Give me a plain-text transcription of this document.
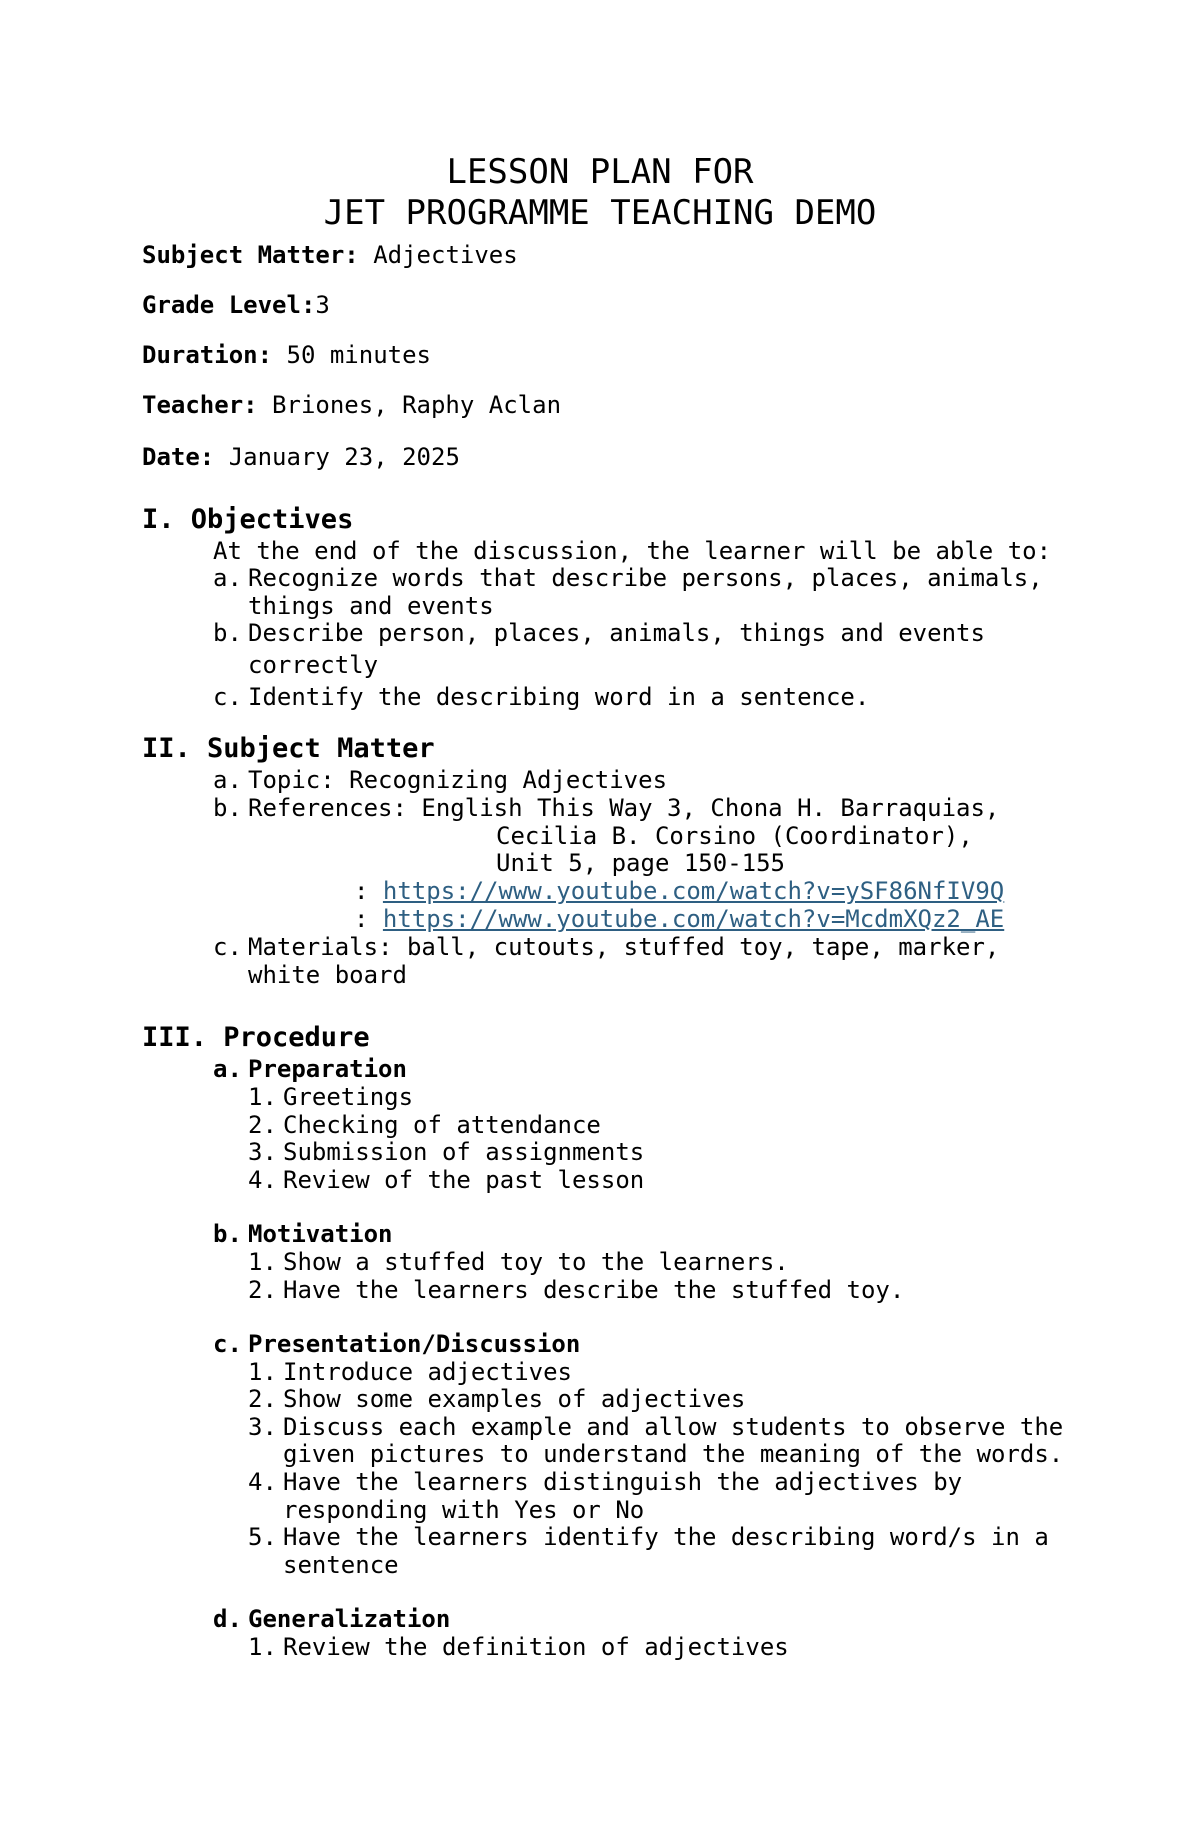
LESSON PLAN FOR
JET PROGRAMME TEACHING DEMO
Subject Matter: Adjectives
Grade Level:3
Duration: 50 minutes
Teacher: Briones, Raphy Aclan
Date: January 23, 2025
I. Objectives
At the end of the discussion, the learner will be able to:
a. Recognize words that describe persons, places, animals,
things and events
b. Describe person, places, animals, things and events
correctly
c. Identify the describing word in a sentence.
II. Subject Matter
a. Topic: Recognizing Adjectives
b. References: English This Way 3, Chona H. Barraquias,
Cecilia B. Corsino (Coordinator),
Unit 5, page 150-155
: https://www.youtube.com/watch?v=ySF86NfIV9Q
: https://www.youtube.com/watch?v=McdmXQz2_AE
c. Materials: ball, cutouts, stuffed toy, tape, marker,
white board
III. Procedure
a. Preparation
1. Greetings
2. Checking of attendance
3. Submission of assignments
4. Review of the past lesson
b. Motivation
1. Show a stuffed toy to the learners.
2. Have the learners describe the stuffed toy.
c. Presentation/Discussion
1. Introduce adjectives
2. Show some examples of adjectives
3. Discuss each example and allow students to observe the
given pictures to understand the meaning of the words.
4. Have the learners distinguish the adjectives by
responding with Yes or No
5. Have the learners identify the describing word/s in a
sentence
d. Generalization
1. Review the definition of adjectives
